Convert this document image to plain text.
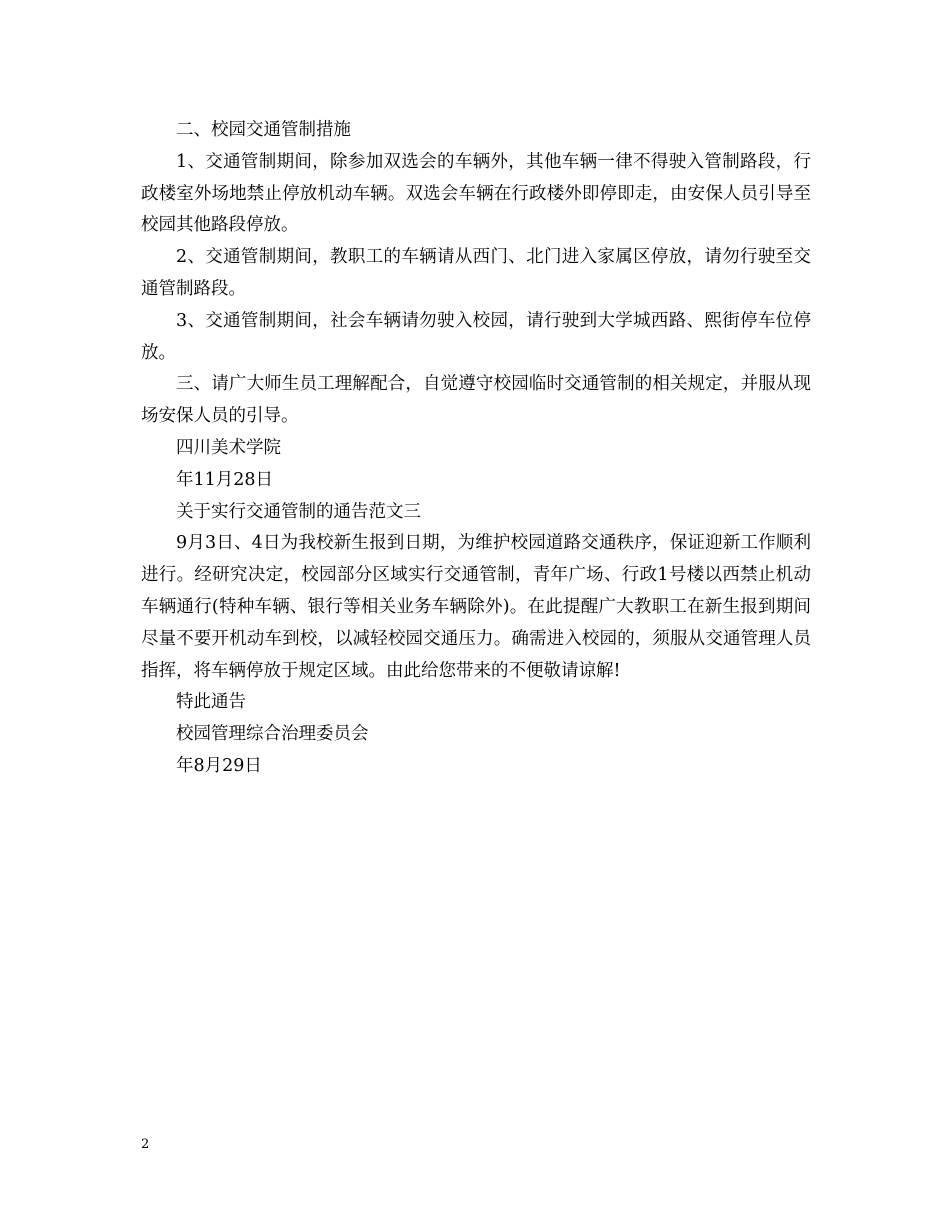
二、校园交通管制措施

1、交通管制期间，除参加双选会的车辆外，其他车辆一律不得驶入管制路段，行政楼室外场地禁止停放机动车辆。双选会车辆在行政楼外即停即走，由安保人员引导至校园其他路段停放。

2、交通管制期间，教职工的车辆请从西门、北门进入家属区停放，请勿行驶至交通管制路段。

3、交通管制期间，社会车辆请勿驶入校园，请行驶到大学城西路、熙街停车位停放。

三、请广大师生员工理解配合，自觉遵守校园临时交通管制的相关规定，并服从现场安保人员的引导。

四川美术学院

年11月28日

关于实行交通管制的通告范文三

9月3日、4日为我校新生报到日期，为维护校园道路交通秩序，保证迎新工作顺利进行。经研究决定，校园部分区域实行交通管制，青年广场、行政1号楼以西禁止机动车辆通行(特种车辆、银行等相关业务车辆除外)。在此提醒广大教职工在新生报到期间尽量不要开机动车到校，以减轻校园交通压力。确需进入校园的，须服从交通管理人员指挥，将车辆停放于规定区域。由此给您带来的不便敬请谅解!

特此通告

校园管理综合治理委员会

年8月29日

2
